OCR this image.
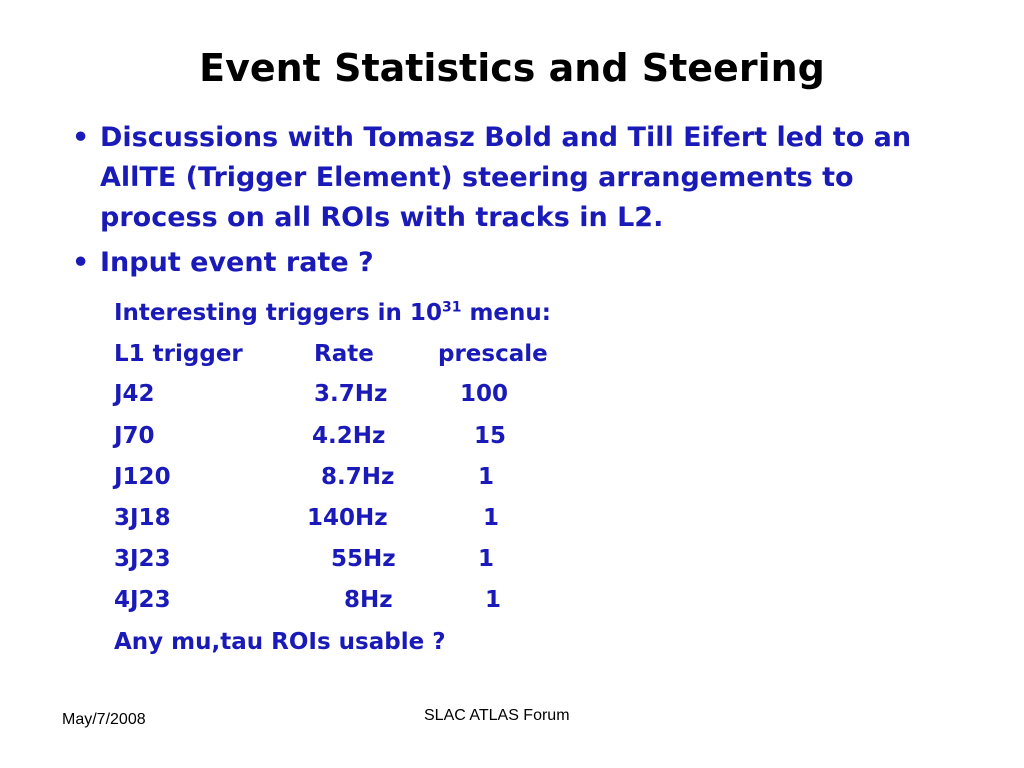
Event Statistics and Steering
• Discussions with Tomasz Bold and Till Eifert led to an AllTE (Trigger Element) steering arrangements to process on all ROIs with tracks in L2.
• Input event rate ?
Interesting triggers in $10^{31}$ menu:
L1 trigger	Rate	prescale
J42	3.7Hz	100
J70	4.2Hz	15
J120	8.7Hz	1
3J18	140Hz	1
3J23	55Hz	1
4J23	8Hz	1
Any mu,tau ROIs usable ?
May/7/2008	SLAC ATLAS Forum
